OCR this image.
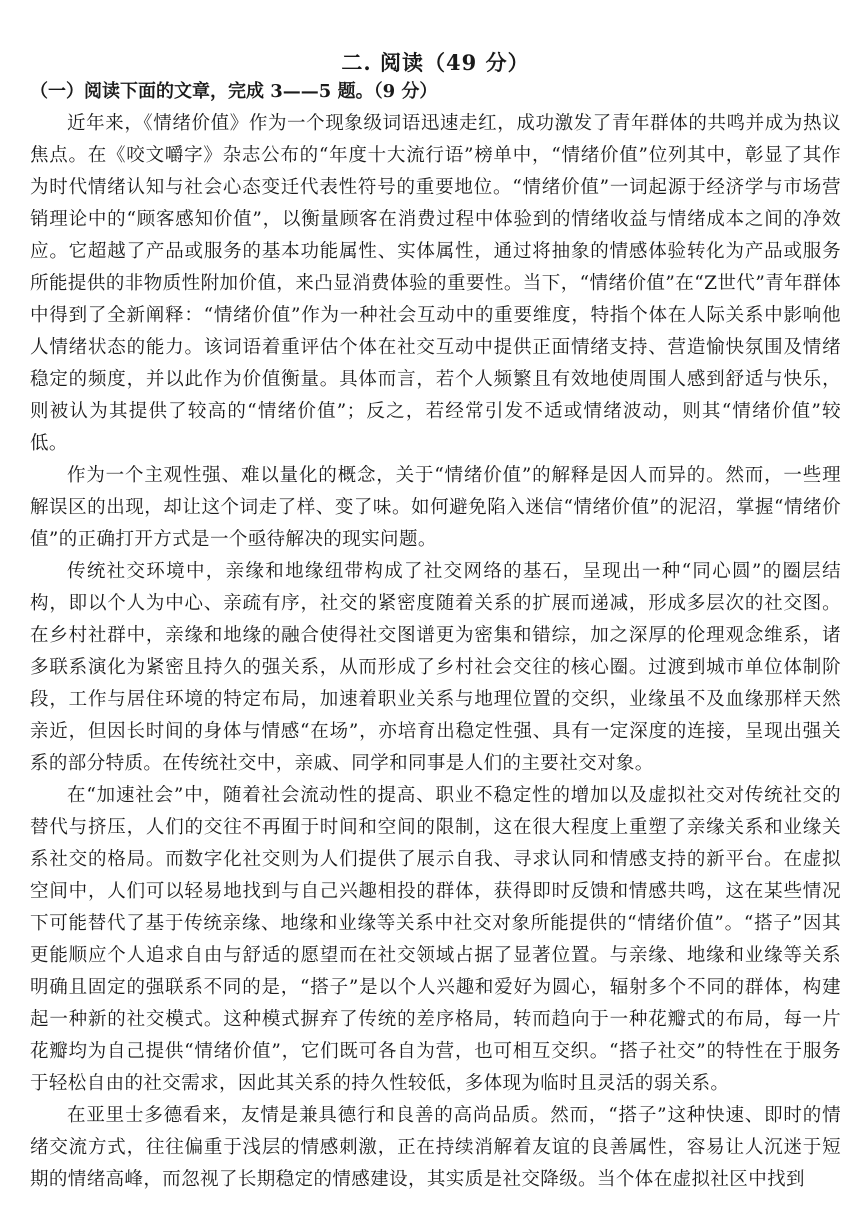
二. 阅读（49 分）
（一）阅读下面的文章，完成 3——5 题。（9 分）

近年来，《情绪价值》作为一个现象级词语迅速走红，成功激发了青年群体的共鸣并成为热议焦点。在《咬文嚼字》杂志公布的“年度十大流行语”榜单中，“情绪价值”位列其中，彰显了其作为时代情绪认知与社会心态变迁代表性符号的重要地位。“情绪价值”一词起源于经济学与市场营销理论中的“顾客感知价值”，以衡量顾客在消费过程中体验到的情绪收益与情绪成本之间的净效应。它超越了产品或服务的基本功能属性、实体属性，通过将抽象的情感体验转化为产品或服务所能提供的非物质性附加价值，来凸显消费体验的重要性。当下，“情绪价值”在“Z世代”青年群体中得到了全新阐释：“情绪价值”作为一种社会互动中的重要维度，特指个体在人际关系中影响他人情绪状态的能力。该词语着重评估个体在社交互动中提供正面情绪支持、营造愉快氛围及情绪稳定的频度，并以此作为价值衡量。具体而言，若个人频繁且有效地使周围人感到舒适与快乐，则被认为其提供了较高的“情绪价值”；反之，若经常引发不适或情绪波动，则其“情绪价值”较低。

作为一个主观性强、难以量化的概念，关于“情绪价值”的解释是因人而异的。然而，一些理解误区的出现，却让这个词走了样、变了味。如何避免陷入迷信“情绪价值”的泥沼，掌握“情绪价值”的正确打开方式是一个亟待解决的现实问题。

传统社交环境中，亲缘和地缘纽带构成了社交网络的基石，呈现出一种“同心圆”的圈层结构，即以个人为中心、亲疏有序，社交的紧密度随着关系的扩展而递减，形成多层次的社交图。在乡村社群中，亲缘和地缘的融合使得社交图谱更为密集和错综，加之深厚的伦理观念维系，诸多联系演化为紧密且持久的强关系，从而形成了乡村社会交往的核心圈。过渡到城市单位体制阶段，工作与居住环境的特定布局，加速着职业关系与地理位置的交织，业缘虽不及血缘那样天然亲近，但因长时间的身体与情感“在场”，亦培育出稳定性强、具有一定深度的连接，呈现出强关系的部分特质。在传统社交中，亲戚、同学和同事是人们的主要社交对象。

在“加速社会”中，随着社会流动性的提高、职业不稳定性的增加以及虚拟社交对传统社交的替代与挤压，人们的交往不再囿于时间和空间的限制，这在很大程度上重塑了亲缘关系和业缘关系社交的格局。而数字化社交则为人们提供了展示自我、寻求认同和情感支持的新平台。在虚拟空间中，人们可以轻易地找到与自己兴趣相投的群体，获得即时反馈和情感共鸣，这在某些情况下可能替代了基于传统亲缘、地缘和业缘等关系中社交对象所能提供的“情绪价值”。“搭子”因其更能顺应个人追求自由与舒适的愿望而在社交领域占据了显著位置。与亲缘、地缘和业缘等关系明确且固定的强联系不同的是，“搭子”是以个人兴趣和爱好为圆心，辐射多个不同的群体，构建起一种新的社交模式。这种模式摒弃了传统的差序格局，转而趋向于一种花瓣式的布局，每一片花瓣均为自己提供“情绪价值”，它们既可各自为营，也可相互交织。“搭子社交”的特性在于服务于轻松自由的社交需求，因此其关系的持久性较低，多体现为临时且灵活的弱关系。

在亚里士多德看来，友情是兼具德行和良善的高尚品质。然而，“搭子”这种快速、即时的情绪交流方式，往往偏重于浅层的情感刺激，正在持续消解着友谊的良善属性，容易让人沉迷于短期的情绪高峰，而忽视了长期稳定的情感建设，其实质是社交降级。当个体在虚拟社区中找到
